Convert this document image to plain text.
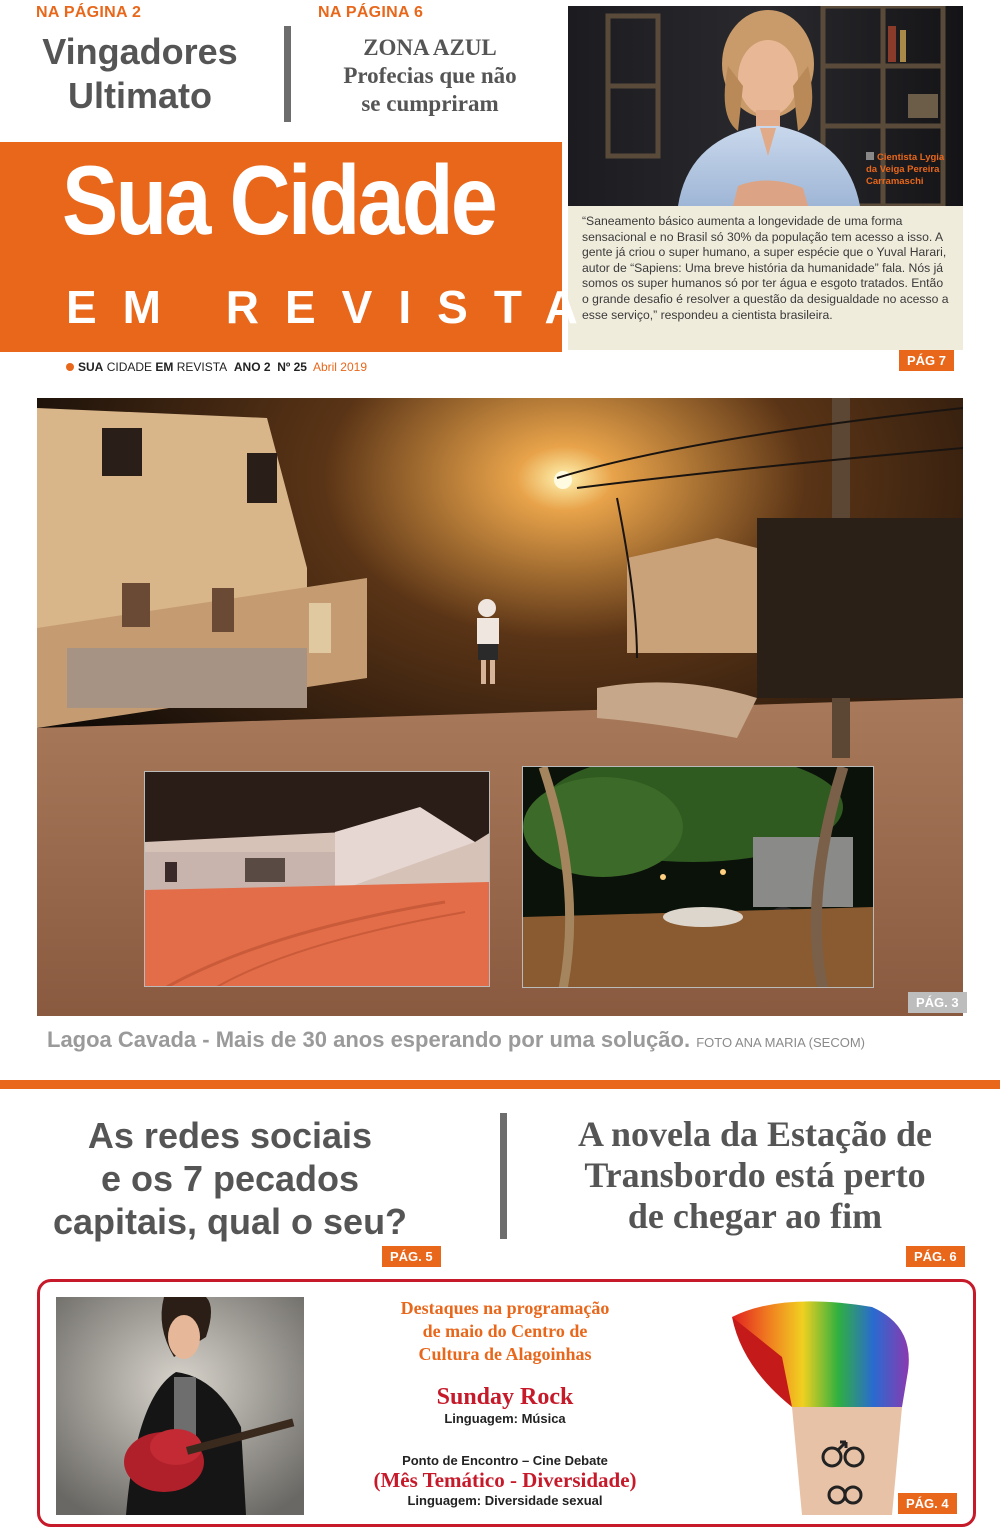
NA PÁGINA 2
Vingadores
Ultimato
NA PÁGINA 6
ZONA AZUL
Profecias que não
se cumpriram
Cientista Lygia
da Veiga Pereira
Carramaschi
“Saneamento básico aumenta a longevidade de uma forma sensacional e no Brasil só 30% da população tem acesso a isso. A gente já criou o super humano, a super espécie que o Yuval Harari, autor de “Sapiens: Uma breve história da humanidade” fala. Nós já somos os super humanos só por ter água e esgoto tratados. Então o grande desafio é resolver a questão da desigualdade no acesso a esse serviço,” respondeu a cientista brasileira.
PÁG 7
Sua Cidade
EM REVISTA
SUA CIDADE EM REVISTA ANO 2 Nº 25 Abril 2019
PÁG. 3
Lagoa Cavada - Mais de 30 anos esperando por uma solução. FOTO ANA MARIA (SECOM)
As redes sociais
e os 7 pecados
capitais, qual o seu?
PÁG. 5
A novela da Estação de
Transbordo está perto
de chegar ao fim
PÁG. 6
PÁG. 4
Destaques na programação
de maio do Centro de
Cultura de Alagoinhas
Sunday Rock
Linguagem: Música
Ponto de Encontro – Cine Debate
(Mês Temático - Diversidade)
Linguagem: Diversidade sexual
